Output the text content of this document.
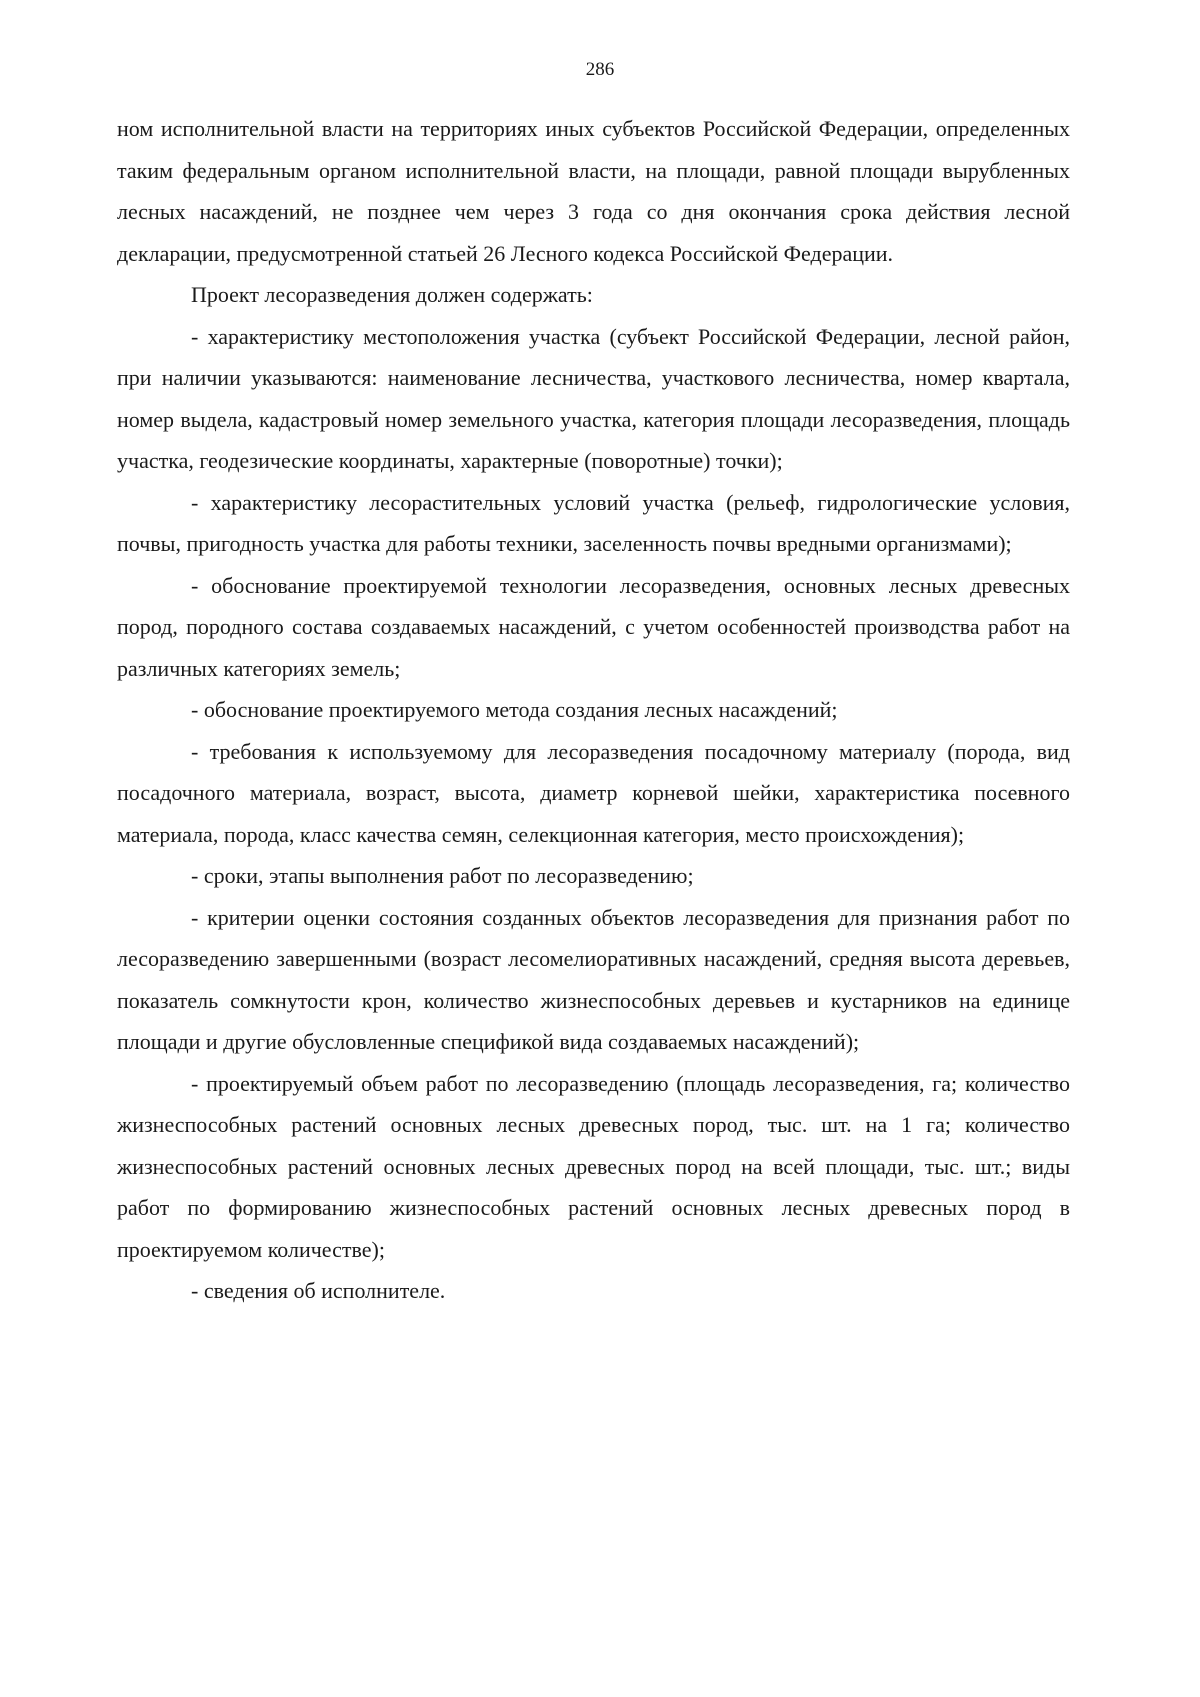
286

ном исполнительной власти на территориях иных субъектов Российской Федерации, определенных таким федеральным органом исполнительной власти, на площади, равной площади вырубленных лесных насаждений, не позднее чем через 3 года со дня окончания срока действия лесной декларации, предусмотренной статьей 26 Лесного кодекса Российской Федерации.

Проект лесоразведения должен содержать:

- характеристику местоположения участка (субъект Российской Федерации, лесной район, при наличии указываются: наименование лесничества, участкового лесничества, номер квартала, номер выдела, кадастровый номер земельного участка, категория площади лесоразведения, площадь участка, геодезические координаты, характерные (поворотные) точки);

- характеристику лесорастительных условий участка (рельеф, гидрологические условия, почвы, пригодность участка для работы техники, заселенность почвы вредными организмами);

- обоснование проектируемой технологии лесоразведения, основных лесных древесных пород, породного состава создаваемых насаждений, с учетом особенностей производства работ на различных категориях земель;

- обоснование проектируемого метода создания лесных насаждений;

- требования к используемому для лесоразведения посадочному материалу (порода, вид посадочного материала, возраст, высота, диаметр корневой шейки, характеристика посевного материала, порода, класс качества семян, селекционная категория, место происхождения);

- сроки, этапы выполнения работ по лесоразведению;

- критерии оценки состояния созданных объектов лесоразведения для признания работ по лесоразведению завершенными (возраст лесомелиоративных насаждений, средняя высота деревьев, показатель сомкнутости крон, количество жизнеспособных деревьев и кустарников на единице площади и другие обусловленные спецификой вида создаваемых насаждений);

- проектируемый объем работ по лесоразведению (площадь лесоразведения, га; количество жизнеспособных растений основных лесных древесных пород, тыс. шт. на 1 га; количество жизнеспособных растений основных лесных древесных пород на всей площади, тыс. шт.; виды работ по формированию жизнеспособных растений основных лесных древесных пород в проектируемом количестве);

- сведения об исполнителе.
